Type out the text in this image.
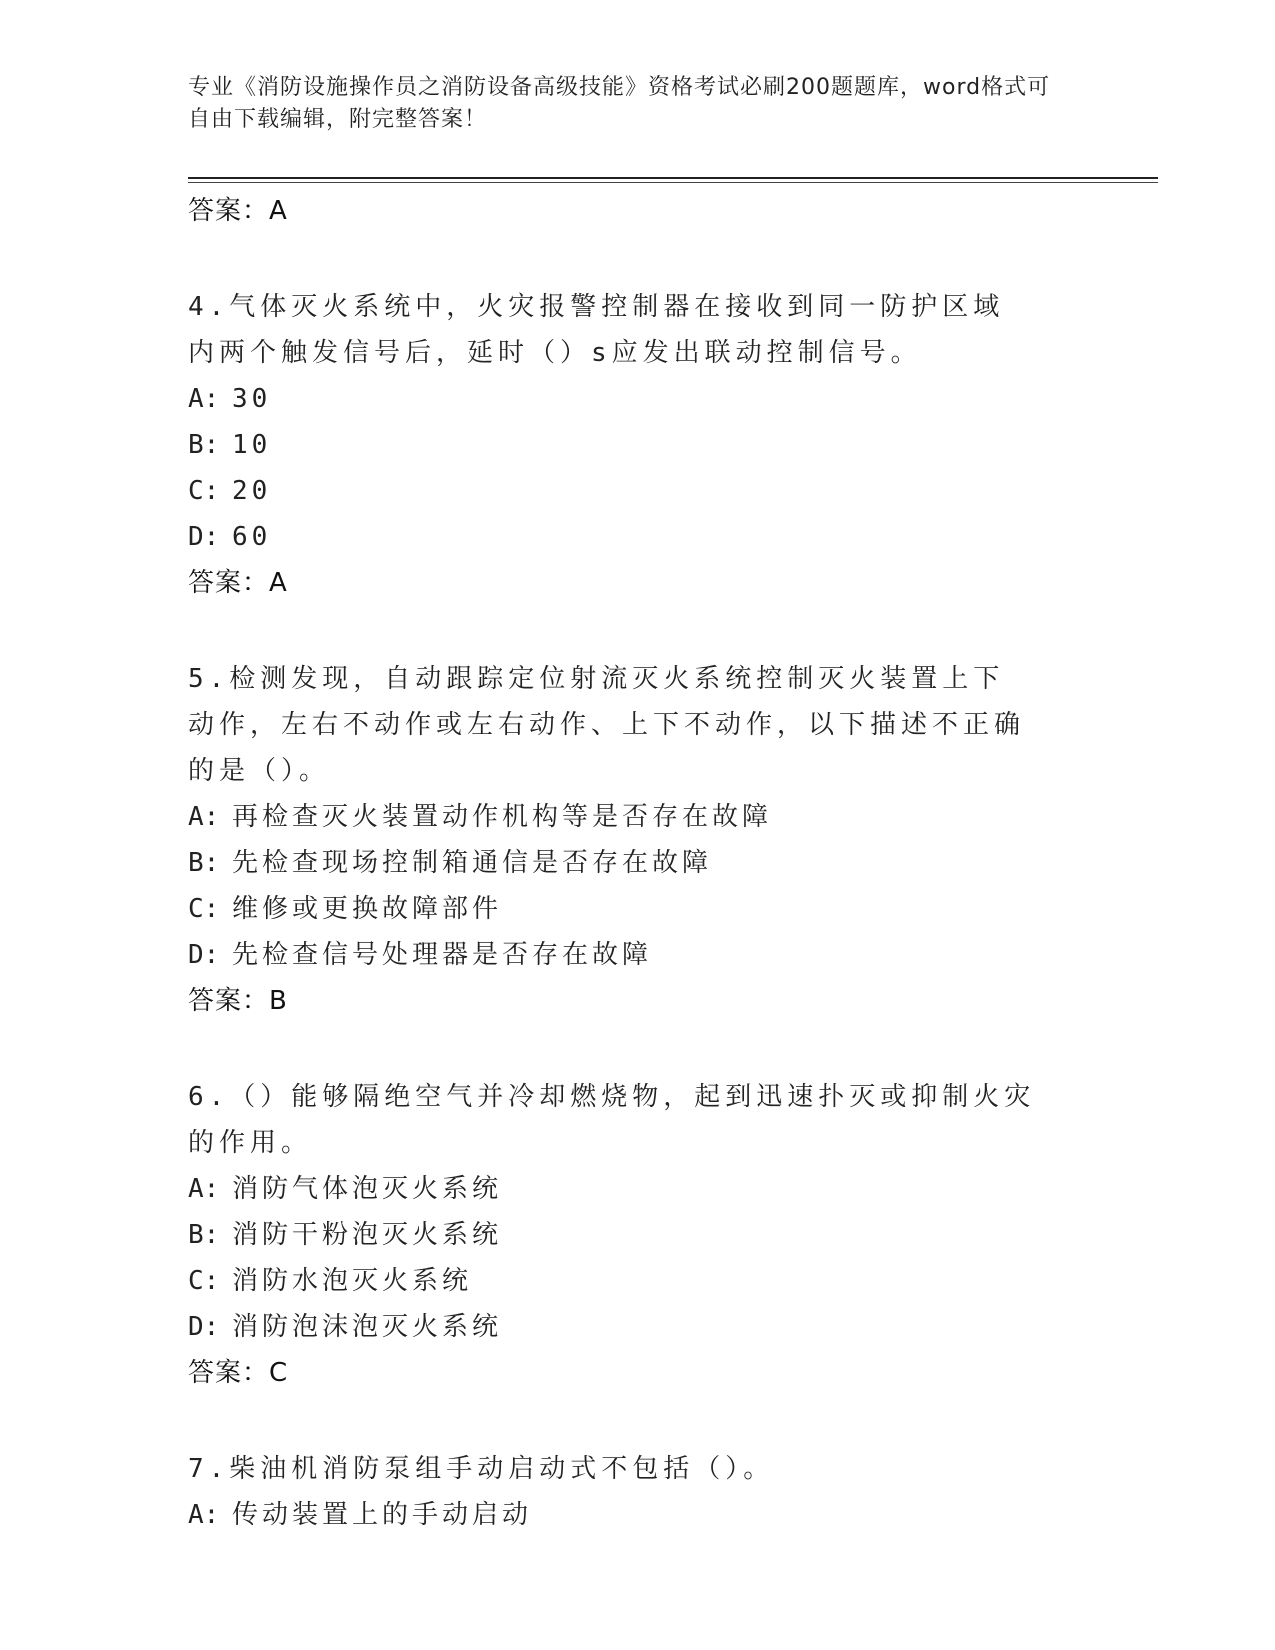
专业《消防设施操作员之消防设备高级技能》资格考试必刷200题题库，word格式可自由下载编辑，附完整答案！
答案：A
4.气体灭火系统中，火灾报警控制器在接收到同一防护区域内两个触发信号后，延时（）s应发出联动控制信号。
A: 30
B: 10
C: 20
D: 60
答案：A
5.检测发现，自动跟踪定位射流灭火系统控制灭火装置上下动作，左右不动作或左右动作、上下不动作，以下描述不正确的是（）。
A: 再检查灭火装置动作机构等是否存在故障
B: 先检查现场控制箱通信是否存在故障
C: 维修或更换故障部件
D: 先检查信号处理器是否存在故障
答案：B
6.（）能够隔绝空气并冷却燃烧物，起到迅速扑灭或抑制火灾的作用。
A: 消防气体泡灭火系统
B: 消防干粉泡灭火系统
C: 消防水泡灭火系统
D: 消防泡沫泡灭火系统
答案：C
7.柴油机消防泵组手动启动式不包括（）。
A: 传动装置上的手动启动
